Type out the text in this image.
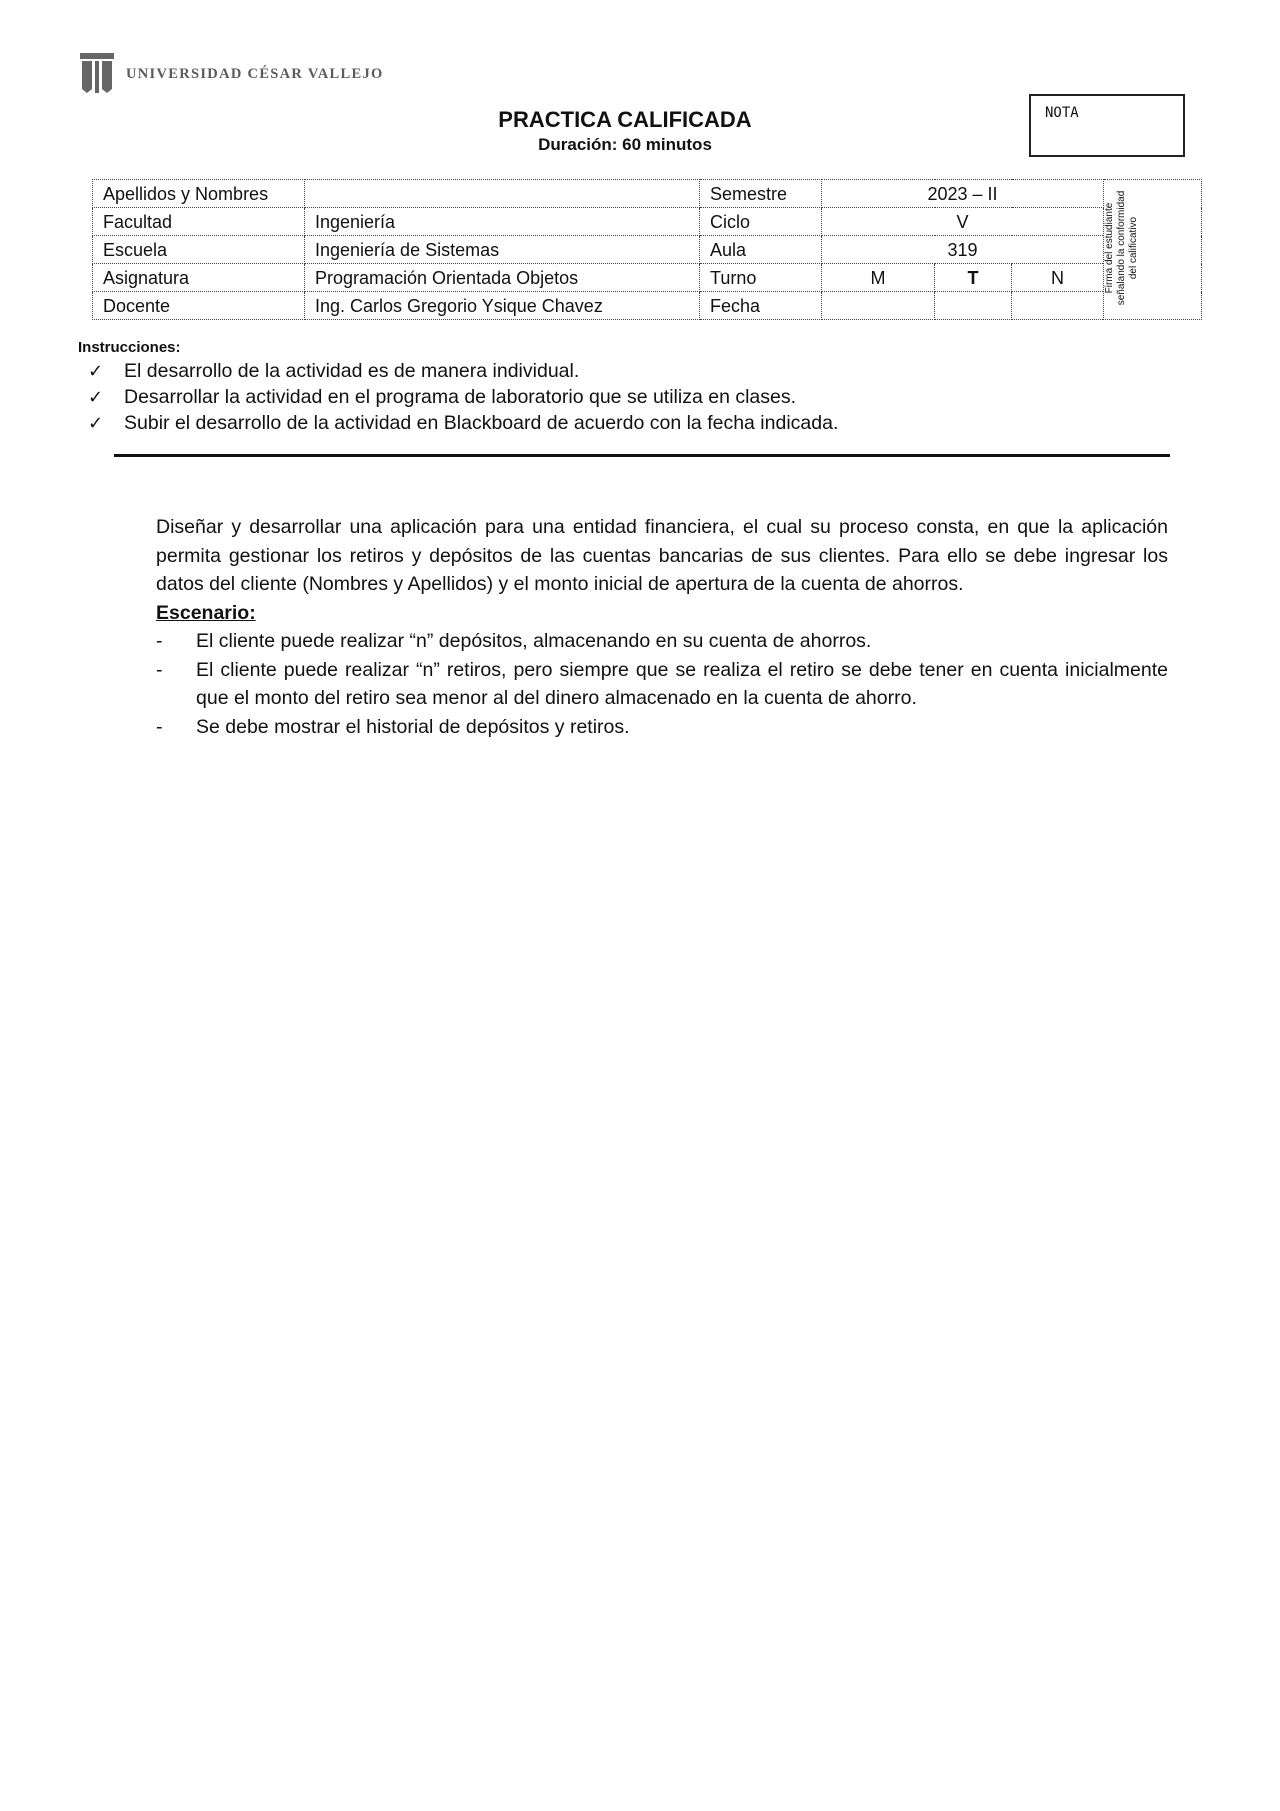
UNIVERSIDAD CÉSAR VALLEJO
PRACTICA CALIFICADA
Duración: 60 minutos
NOTA
Apellidos y Nombres		Semestre	2023 – II			Firma del estudiante señalando la conformidad del calificativo

Facultad	Ingeniería	Ciclo	V			
Escuela	Ingeniería de Sistemas	Aula	319			
Asignatura	Programación Orientada Objetos	Turno	M	T	N	
Docente	Ing. Carlos Gregorio Ysique Chavez	Fecha				
Instrucciones:
✓	El desarrollo de la actividad es de manera individual.
✓	Desarrollar la actividad en el programa de laboratorio que se utiliza en clases.
✓	Subir el desarrollo de la actividad en Blackboard de acuerdo con la fecha indicada.

Diseñar y desarrollar una aplicación para una entidad financiera, el cual su proceso consta, en que la aplicación permita gestionar los retiros y depósitos de las cuentas bancarias de sus clientes. Para ello se debe ingresar los datos del cliente (Nombres y Apellidos) y el monto inicial de apertura de la cuenta de ahorros.

Escenario:

- El cliente puede realizar “n” depósitos, almacenando en su cuenta de ahorros.
- El cliente puede realizar “n” retiros, pero siempre que se realiza el retiro se debe tener en cuenta inicialmente que el monto del retiro sea menor al del dinero almacenado en la cuenta de ahorro.
- Se debe mostrar el historial de depósitos y retiros.
